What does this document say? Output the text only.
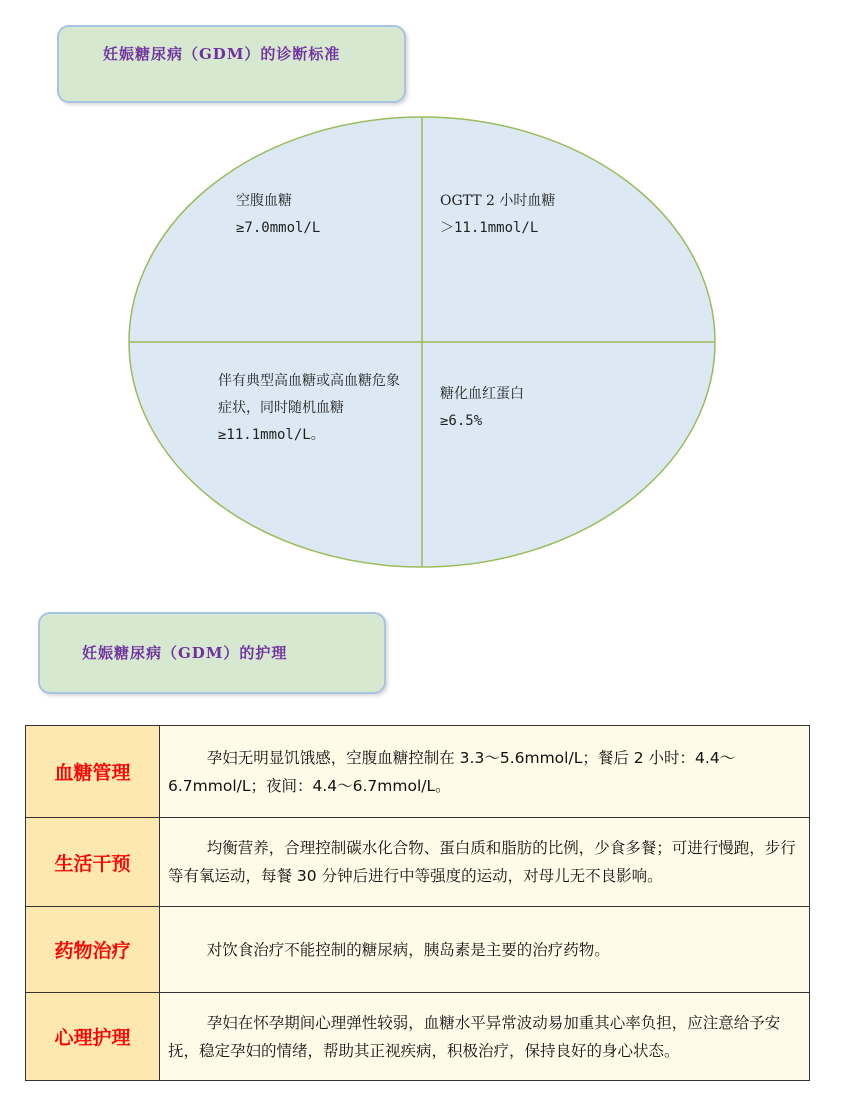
妊娠糖尿病（GDM）的诊断标准
空腹血糖
≥7.0mmol/L
OGTT 2 小时血糖
＞11.1mmol/L
伴有典型高血糖或高血糖危象症状，同时随机血糖
≥11.1mmol/L。
糖化血红蛋白
≥6.5%
妊娠糖尿病（GDM）的护理
血糖管理	孕妇无明显饥饿感，空腹血糖控制在 3.3～5.6mmol/L；餐后 2 小时：4.4～6.7mmol/L；夜间：4.4～6.7mmol/L。
生活干预	均衡营养，合理控制碳水化合物、蛋白质和脂肪的比例，少食多餐；可进行慢跑，步行等有氧运动，每餐 30 分钟后进行中等强度的运动，对母儿无不良影响。
药物治疗	对饮食治疗不能控制的糖尿病，胰岛素是主要的治疗药物。
心理护理	孕妇在怀孕期间心理弹性较弱，血糖水平异常波动易加重其心率负担，应注意给予安抚，稳定孕妇的情绪，帮助其正视疾病，积极治疗，保持良好的身心状态。
